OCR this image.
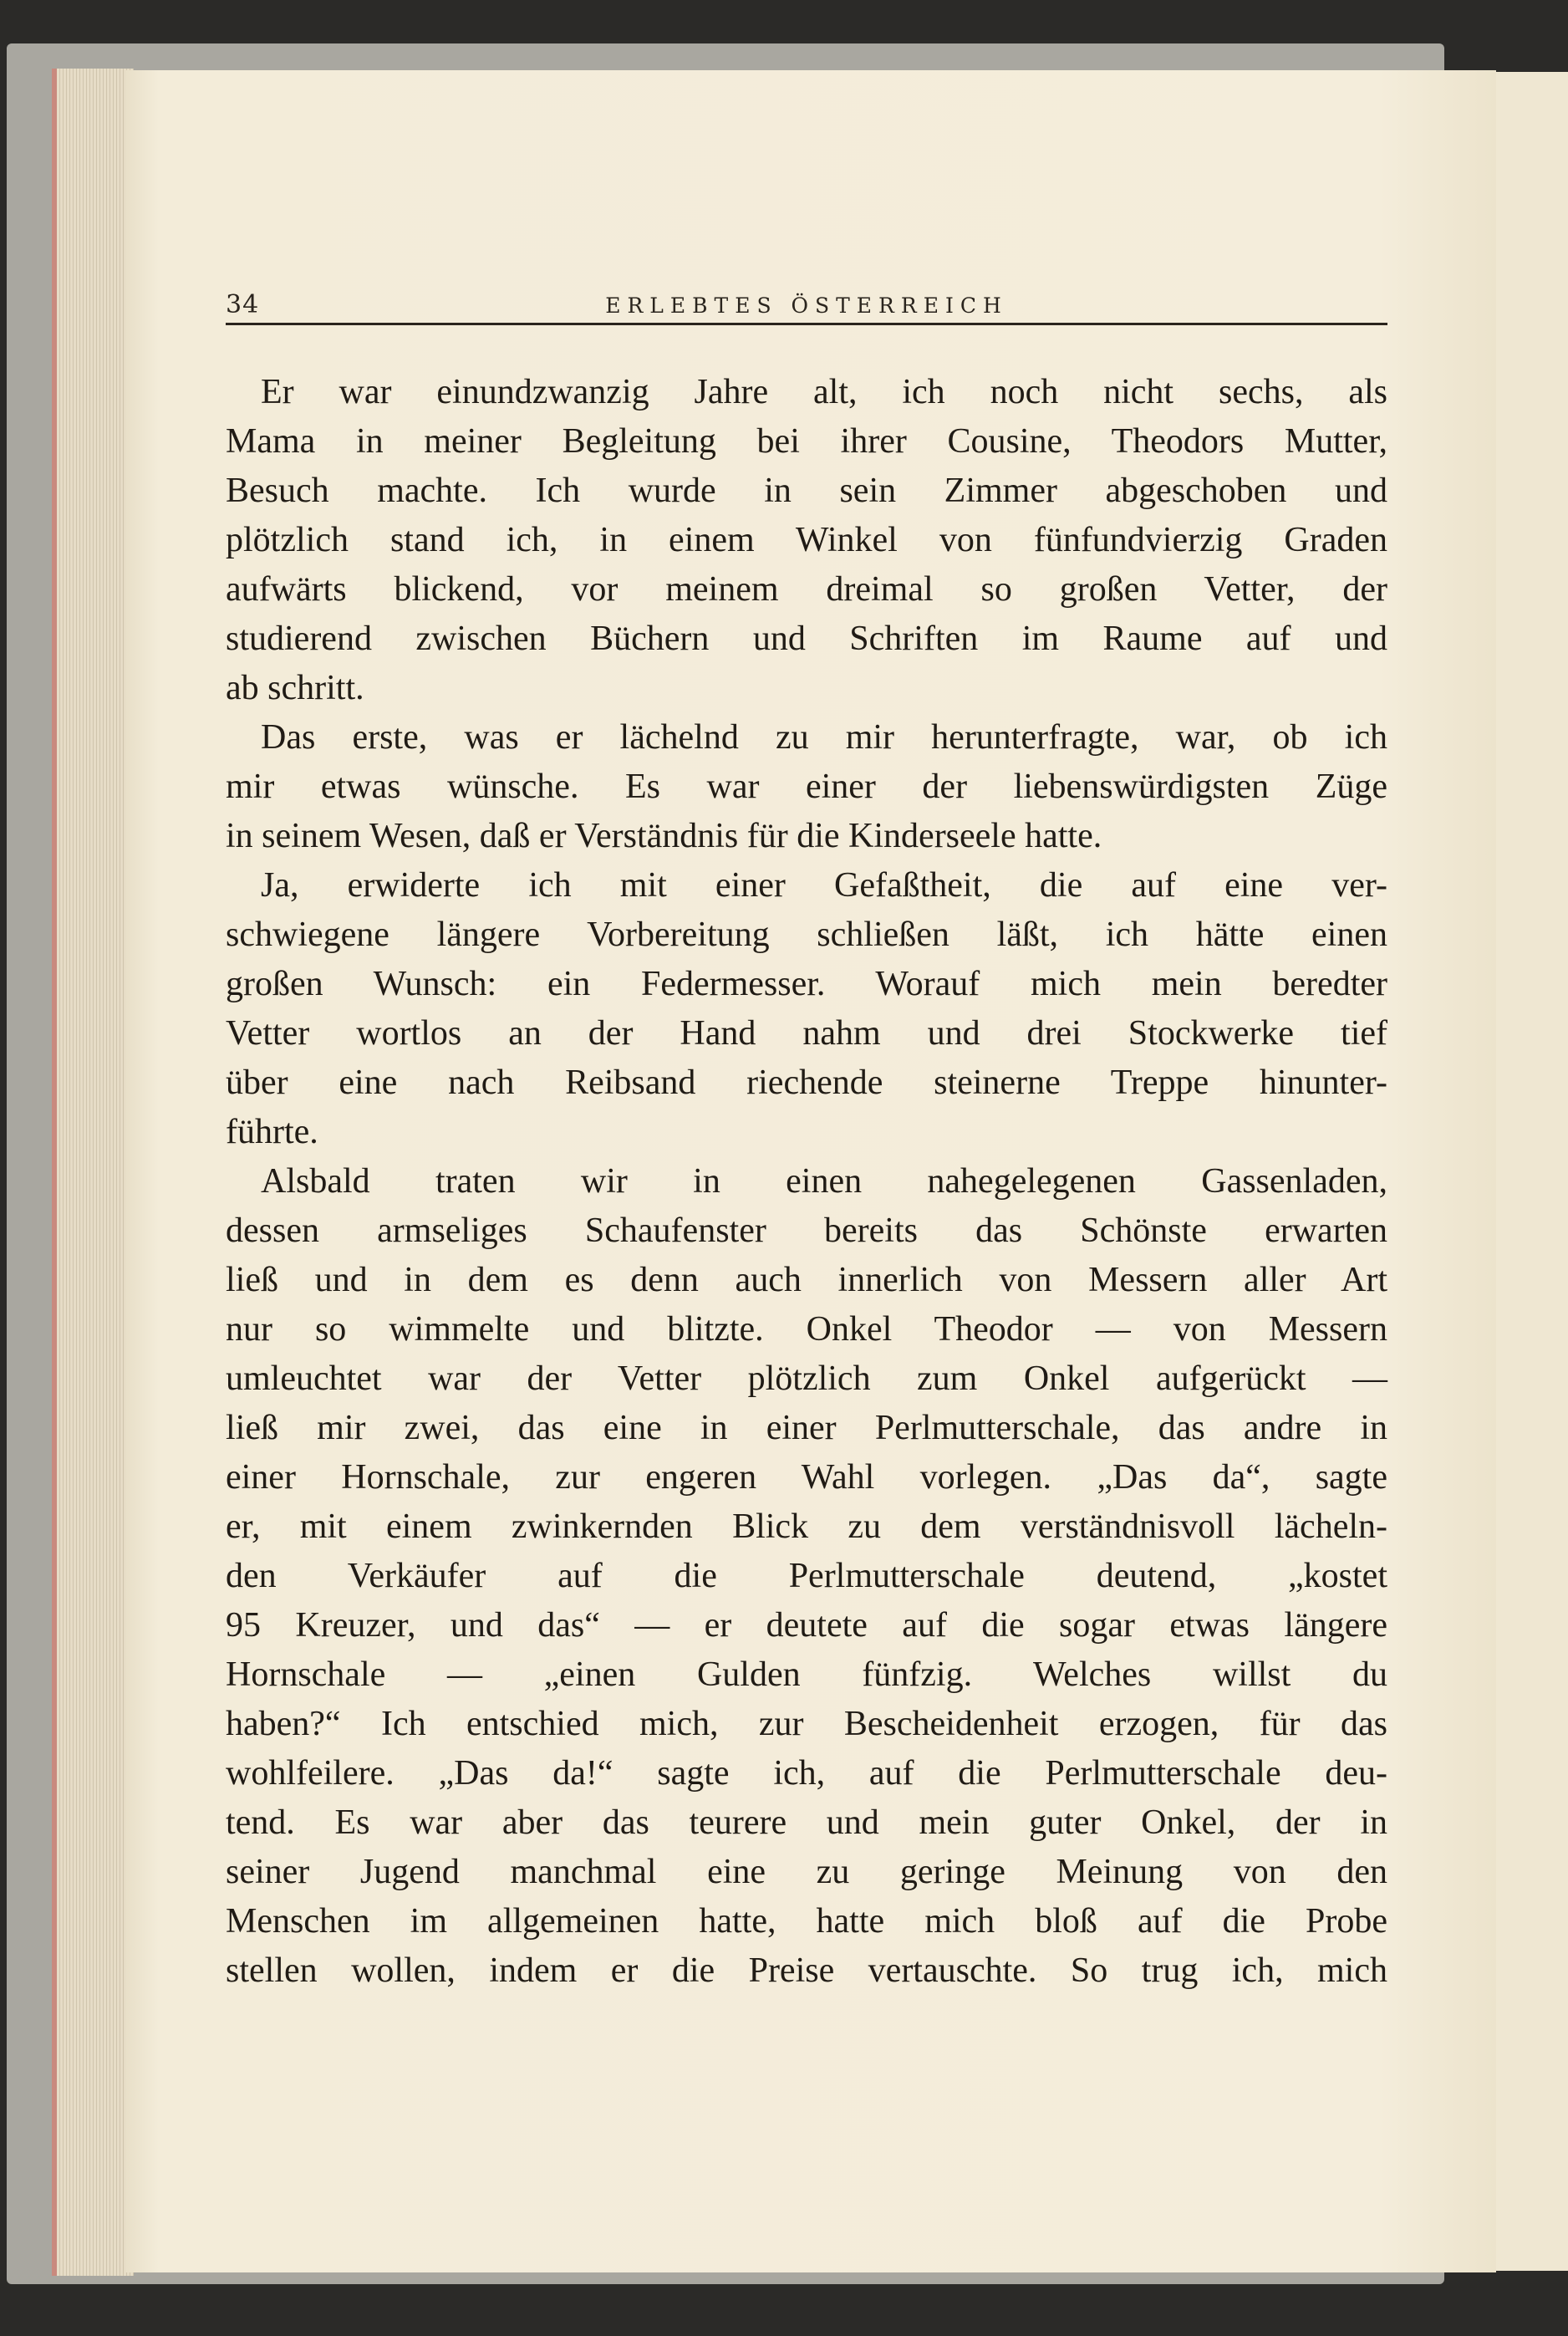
34	ERLEBTES ÖSTERREICH
Er war einundzwanzig Jahre alt, ich noch nicht sechs, als
Mama in meiner Begleitung bei ihrer Cousine, Theodors Mutter,
Besuch machte. Ich wurde in sein Zimmer abgeschoben und
plötzlich stand ich, in einem Winkel von fünfundvierzig Graden
aufwärts blickend, vor meinem dreimal so großen Vetter, der
studierend zwischen Büchern und Schriften im Raume auf und
ab schritt.
Das erste, was er lächelnd zu mir herunterfragte, war, ob ich
mir etwas wünsche. Es war einer der liebenswürdigsten Züge
in seinem Wesen, daß er Verständnis für die Kinderseele hatte.
Ja, erwiderte ich mit einer Gefaßtheit, die auf eine ver-
schwiegene längere Vorbereitung schließen läßt, ich hätte einen
großen Wunsch: ein Federmesser. Worauf mich mein beredter
Vetter wortlos an der Hand nahm und drei Stockwerke tief
über eine nach Reibsand riechende steinerne Treppe hinunter-
führte.
Alsbald traten wir in einen nahegelegenen Gassenladen,
dessen armseliges Schaufenster bereits das Schönste erwarten
ließ und in dem es denn auch innerlich von Messern aller Art
nur so wimmelte und blitzte. Onkel Theodor — von Messern
umleuchtet war der Vetter plötzlich zum Onkel aufgerückt —
ließ mir zwei, das eine in einer Perlmutterschale, das andre in
einer Hornschale, zur engeren Wahl vorlegen. „Das da“, sagte
er, mit einem zwinkernden Blick zu dem verständnisvoll lächeln-
den Verkäufer auf die Perlmutterschale deutend, „kostet
95 Kreuzer, und das“ — er deutete auf die sogar etwas längere
Hornschale — „einen Gulden fünfzig. Welches willst du
haben?“ Ich entschied mich, zur Bescheidenheit erzogen, für das
wohlfeilere. „Das da!“ sagte ich, auf die Perlmutterschale deu-
tend. Es war aber das teurere und mein guter Onkel, der in
seiner Jugend manchmal eine zu geringe Meinung von den
Menschen im allgemeinen hatte, hatte mich bloß auf die Probe
stellen wollen, indem er die Preise vertauschte. So trug ich, mich
